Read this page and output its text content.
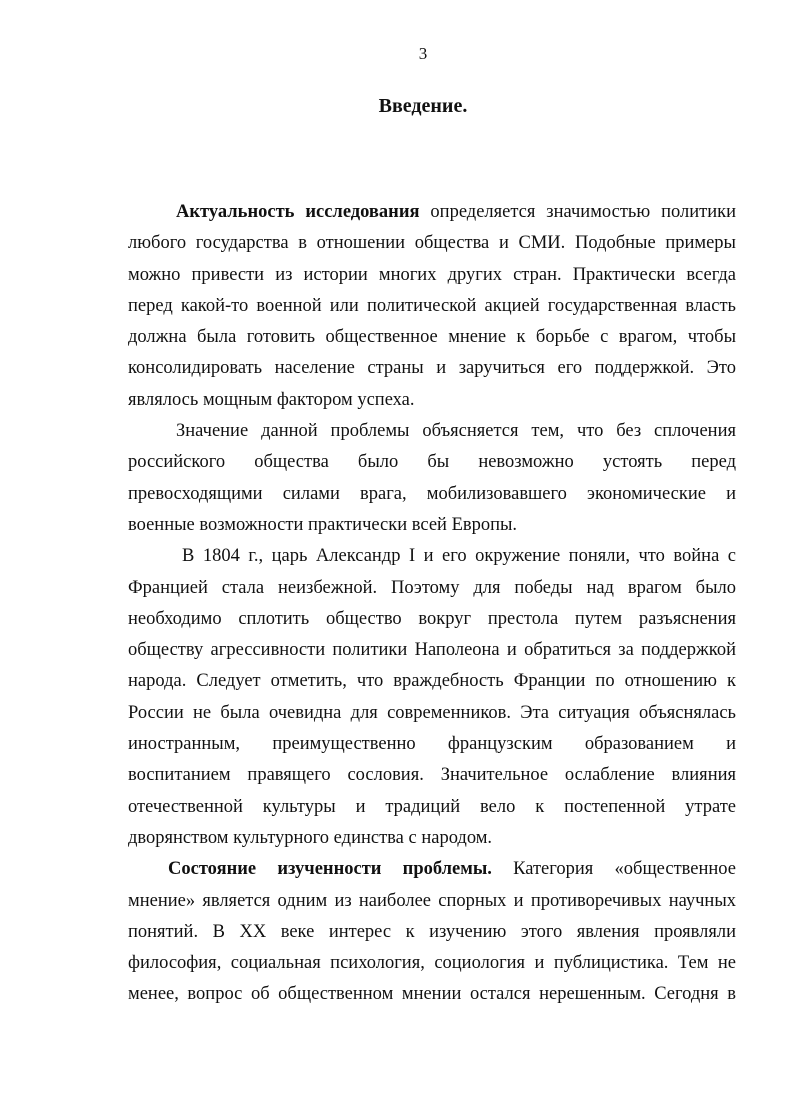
3
Введение.
Актуальность исследования определяется значимостью политики
любого государства в отношении общества и СМИ. Подобные примеры
можно привести из истории многих других стран. Практически всегда
перед какой-то военной или политической акцией государственная власть
должна была готовить общественное мнение к борьбе с врагом, чтобы
консолидировать население страны и заручиться его поддержкой. Это
являлось мощным фактором успеха.
Значение данной проблемы объясняется тем, что без сплочения
российского общества было бы невозможно устоять перед
превосходящими силами врага, мобилизовавшего экономические и
военные возможности практически всей Европы.
В 1804 г., царь Александр I и его окружение поняли, что война с
Францией стала неизбежной. Поэтому для победы над врагом было
необходимо сплотить общество вокруг престола путем разъяснения
обществу агрессивности политики Наполеона и обратиться за поддержкой
народа. Следует отметить, что враждебность Франции по отношению к
России не была очевидна для современников. Эта ситуация объяснялась
иностранным, преимущественно французским образованием и
воспитанием правящего сословия. Значительное ослабление влияния
отечественной культуры и традиций вело к постепенной утрате
дворянством культурного единства с народом.
Состояние изученности проблемы. Категория «общественное
мнение» является одним из наиболее спорных и противоречивых научных
понятий. В XX веке интерес к изучению этого явления проявляли
философия, социальная психология, социология и публицистика. Тем не
менее, вопрос об общественном мнении остался нерешенным. Сегодня в
